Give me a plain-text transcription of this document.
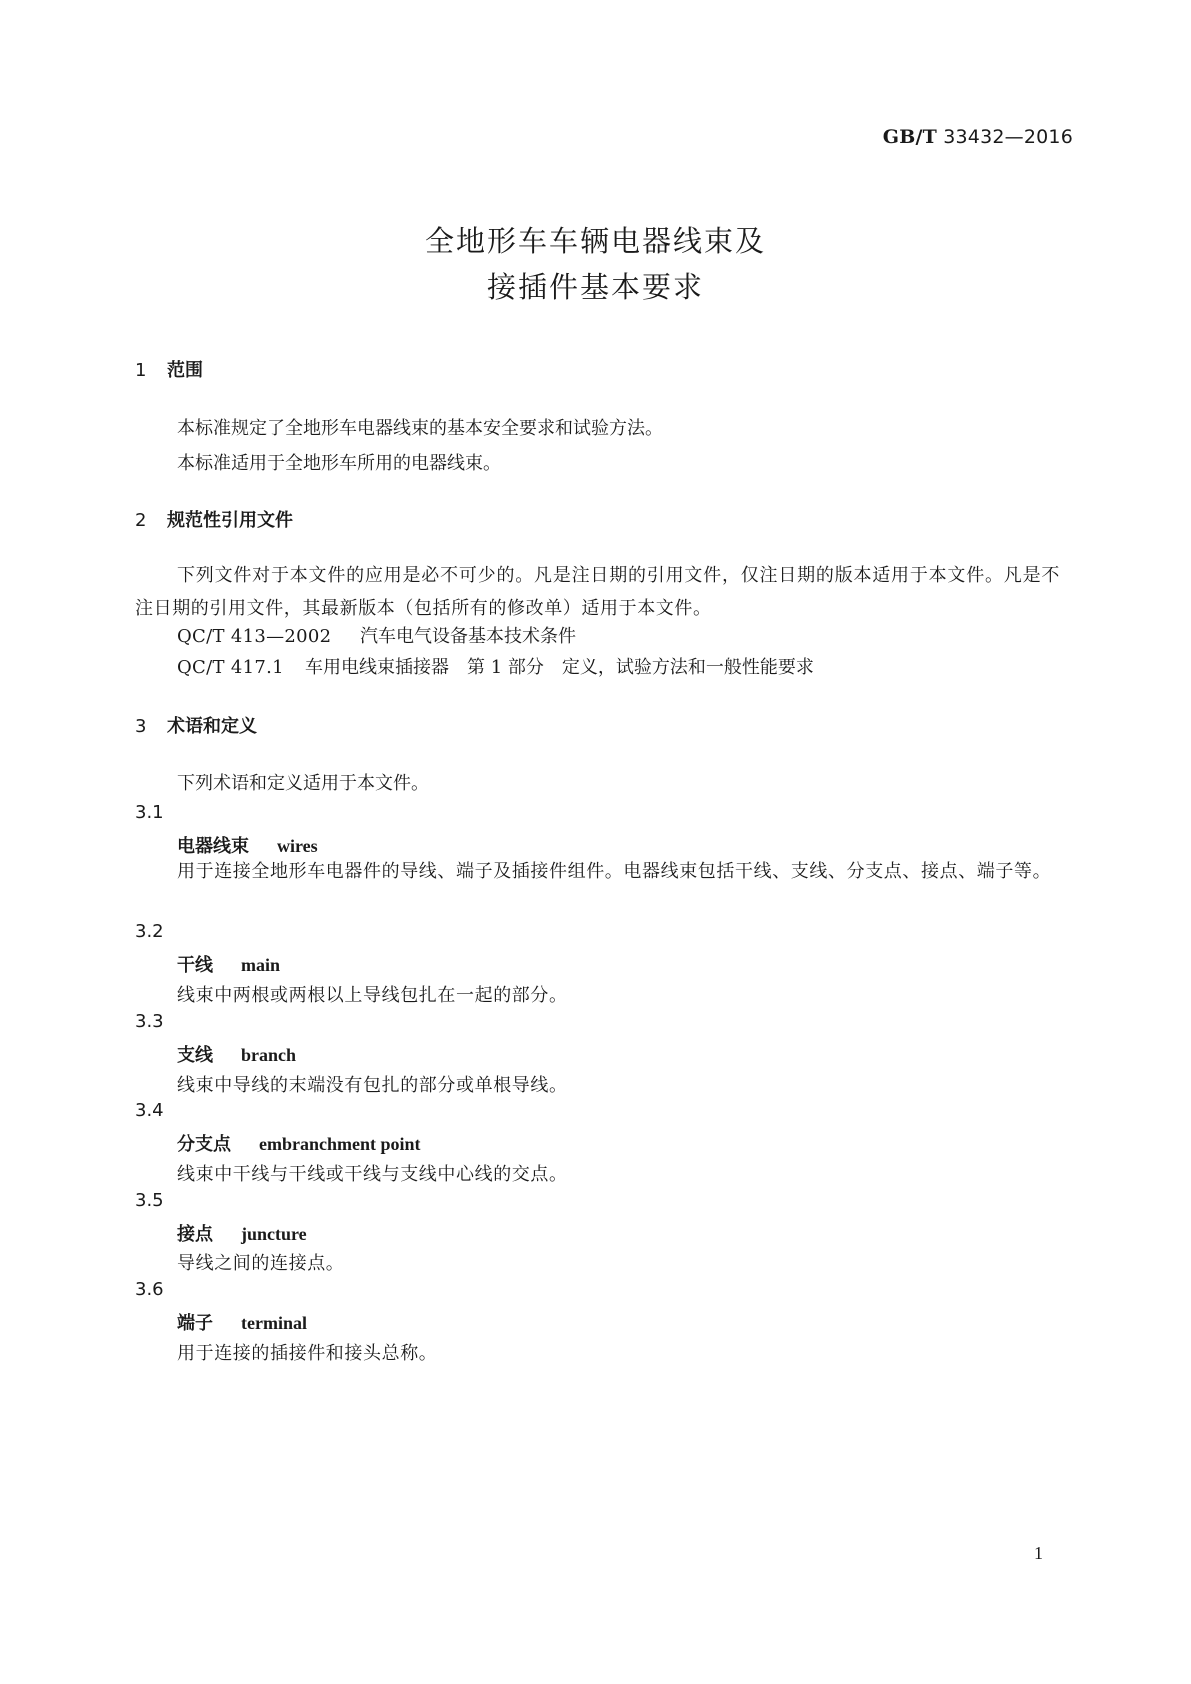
GB/T 33432—2016
全地形车车辆电器线束及
接插件基本要求
1 范围
本标准规定了全地形车电器线束的基本安全要求和试验方法。
本标准适用于全地形车所用的电器线束。
2 规范性引用文件
下列文件对于本文件的应用是必不可少的。凡是注日期的引用文件，仅注日期的版本适用于本文件。凡是不注日期的引用文件，其最新版本（包括所有的修改单）适用于本文件。
QC/T 413—2002 汽车电气设备基本技术条件
QC/T 417.1 车用电线束插接器　第 1 部分　定义，试验方法和一般性能要求
3 术语和定义
下列术语和定义适用于本文件。
3.1
电器线束 wires
用于连接全地形车电器件的导线、端子及插接件组件。电器线束包括干线、支线、分支点、接点、端子等。
3.2
干线 main
线束中两根或两根以上导线包扎在一起的部分。
3.3
支线 branch
线束中导线的末端没有包扎的部分或单根导线。
3.4
分支点 embranchment point
线束中干线与干线或干线与支线中心线的交点。
3.5
接点 juncture
导线之间的连接点。
3.6
端子 terminal
用于连接的插接件和接头总称。
1
